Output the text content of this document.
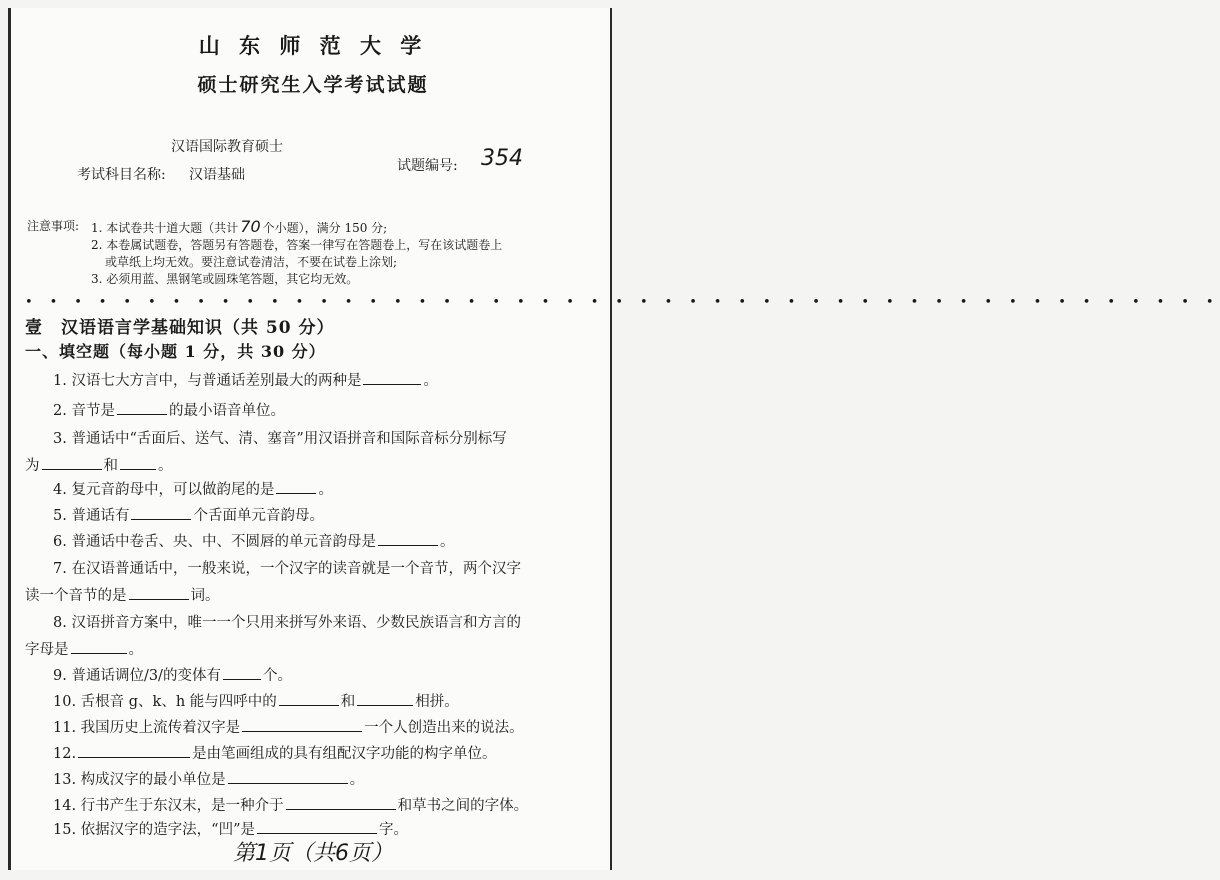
山 东 师 范 大 学
硕士研究生入学考试试题
汉语国际教育硕士
考试科目名称: 汉语基础
试题编号: 354
注意事项: 1. 本试卷共十道大题（共计 70 个小题），满分 150 分;
2. 本卷属试题卷，答题另有答题卷，答案一律写在答题卷上，写在该试题卷上
或草纸上均无效。要注意试卷清洁，不要在试卷上涂划;
3. 必须用蓝、黑钢笔或圆珠笔答题，其它均无效。
• • • • • • • • • • • • • • • • • • • • • • • • • • • • • • • • • • • • • • • • • • • • • • • • •
壹　汉语语言学基础知识（共 50 分）
一、填空题（每小题 1 分，共 30 分）
1. 汉语七大方言中，与普通话差别最大的两种是	。
2. 音节是	的最小语音单位。
3. 普通话中“舌面后、送气、清、塞音”用汉语拼音和国际音标分别标写
为	和	。
4. 复元音韵母中，可以做韵尾的是	。
5. 普通话有	个舌面单元音韵母。
6. 普通话中卷舌、央、中、不圆唇的单元音韵母是	。
7. 在汉语普通话中，一般来说，一个汉字的读音就是一个音节，两个汉字
读一个音节的是	词。
8. 汉语拼音方案中，唯一一个只用来拼写外来语、少数民族语言和方言的
字母是	。
9. 普通话调位/3/的变体有	个。
10. 舌根音 g、k、h 能与四呼中的	和	相拼。
11. 我国历史上流传着汉字是	一个人创造出来的说法。
12.	是由笔画组成的具有组配汉字功能的构字单位。
13. 构成汉字的最小单位是	。
14. 行书产生于东汉末，是一种介于	和草书之间的字体。
15. 依据汉字的造字法，“凹”是	字。
第1页（共6页）
